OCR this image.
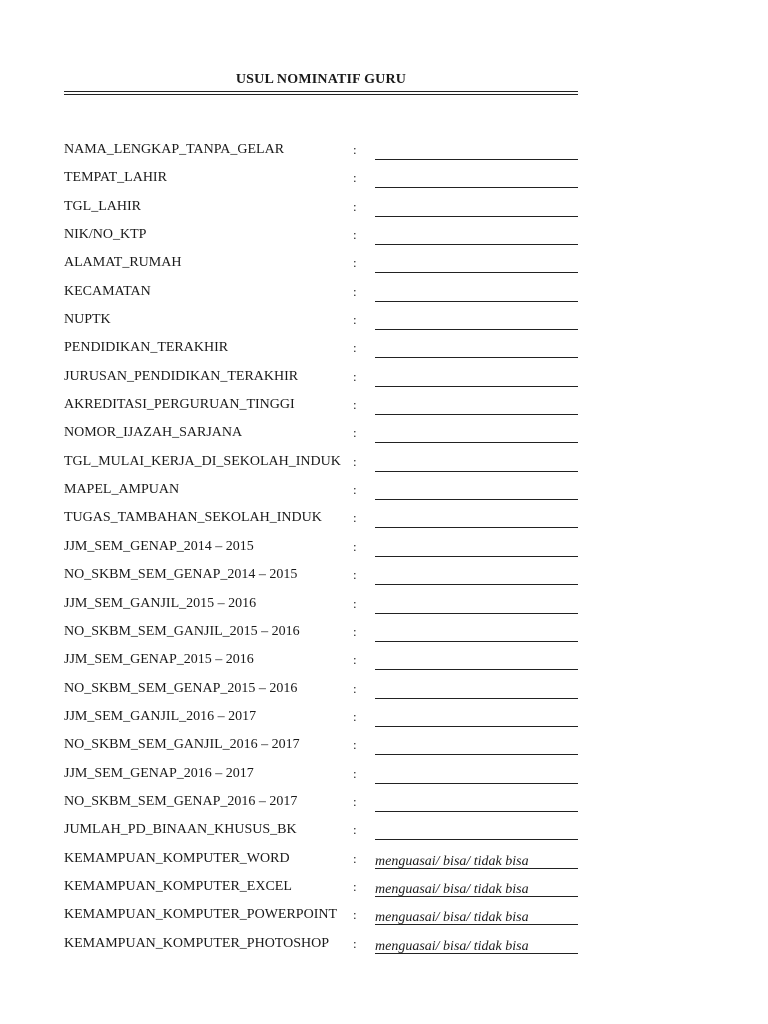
USUL NOMINATIF GURU
NAMA_LENGKAP_TANPA_GELAR	:
TEMPAT_LAHIR	:
TGL_LAHIR	:
NIK/NO_KTP	:
ALAMAT_RUMAH	:
KECAMATAN	:
NUPTK	:
PENDIDIKAN_TERAKHIR	:
JURUSAN_PENDIDIKAN_TERAKHIR	:
AKREDITASI_PERGURUAN_TINGGI	:
NOMOR_IJAZAH_SARJANA	:
TGL_MULAI_KERJA_DI_SEKOLAH_INDUK :
MAPEL_AMPUAN	:
TUGAS_TAMBAHAN_SEKOLAH_INDUK :
JJM_SEM_GENAP_2014 – 2015	:
NO_SKBM_SEM_GENAP_2014 – 2015	:
JJM_SEM_GANJIL_2015 – 2016	:
NO_SKBM_SEM_GANJIL_2015 – 2016	:
JJM_SEM_GENAP_2015 – 2016	:
NO_SKBM_SEM_GENAP_2015 – 2016	:
JJM_SEM_GANJIL_2016 – 2017	:
NO_SKBM_SEM_GANJIL_2016 – 2017	:
JJM_SEM_GENAP_2016 – 2017	:
NO_SKBM_SEM_GENAP_2016 – 2017	:
JUMLAH_PD_BINAAN_KHUSUS_BK	:
KEMAMPUAN_KOMPUTER_WORD	: menguasai/ bisa/ tidak bisa
KEMAMPUAN_KOMPUTER_EXCEL	: menguasai/ bisa/ tidak bisa
KEMAMPUAN_KOMPUTER_POWERPOINT : menguasai/ bisa/ tidak bisa
KEMAMPUAN_KOMPUTER_PHOTOSHOP : menguasai/ bisa/ tidak bisa
